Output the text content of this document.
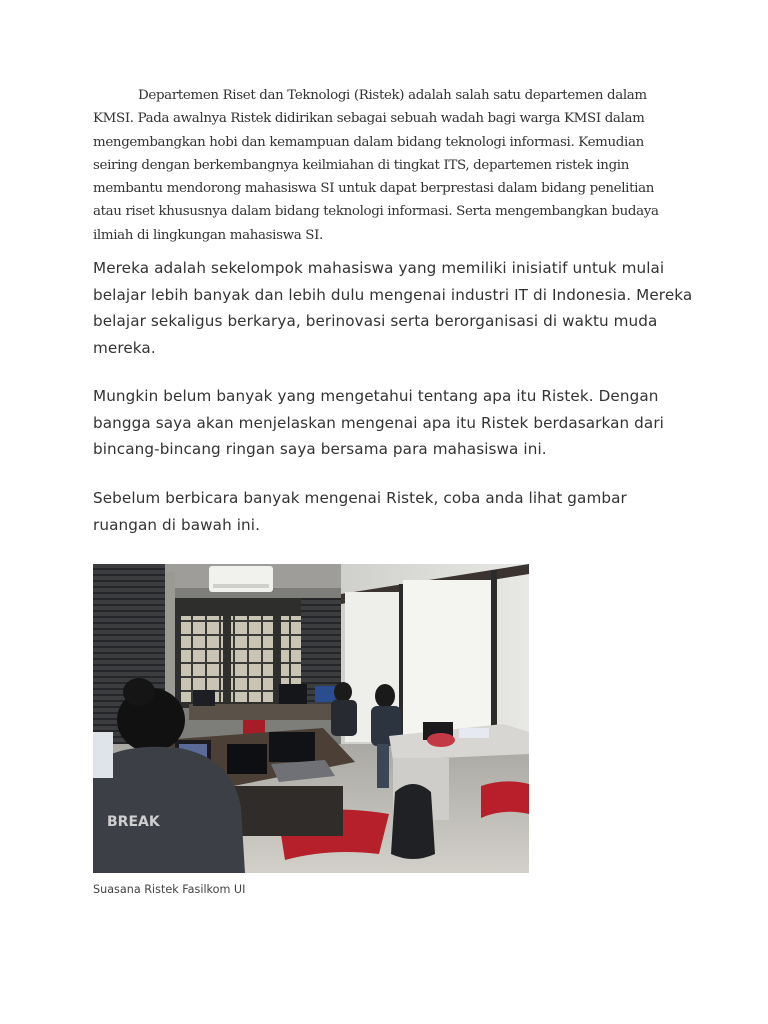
Departemen Riset dan Teknologi (Ristek) adalah salah satu departemen dalam KMSI. Pada awalnya Ristek didirikan sebagai sebuah wadah bagi warga KMSI dalam mengembangkan hobi dan kemampuan dalam bidang teknologi informasi. Kemudian seiring dengan berkembangnya keilmiahan di tingkat ITS, departemen ristek ingin membantu mendorong mahasiswa SI untuk dapat berprestasi dalam bidang penelitian atau riset khususnya dalam bidang teknologi informasi. Serta mengembangkan budaya ilmiah di lingkungan mahasiswa SI.

Mereka adalah sekelompok mahasiswa yang memiliki inisiatif untuk mulai belajar lebih banyak dan lebih dulu mengenai industri IT di Indonesia. Mereka belajar sekaligus berkarya, berinovasi serta berorganisasi di waktu muda mereka.

Mungkin belum banyak yang mengetahui tentang apa itu Ristek. Dengan bangga saya akan menjelaskan mengenai apa itu Ristek berdasarkan dari bincang-bincang ringan saya bersama para mahasiswa ini.

Sebelum berbicara banyak mengenai Ristek, coba anda lihat gambar ruangan di bawah ini.

BREAK

Suasana Ristek Fasilkom UI
